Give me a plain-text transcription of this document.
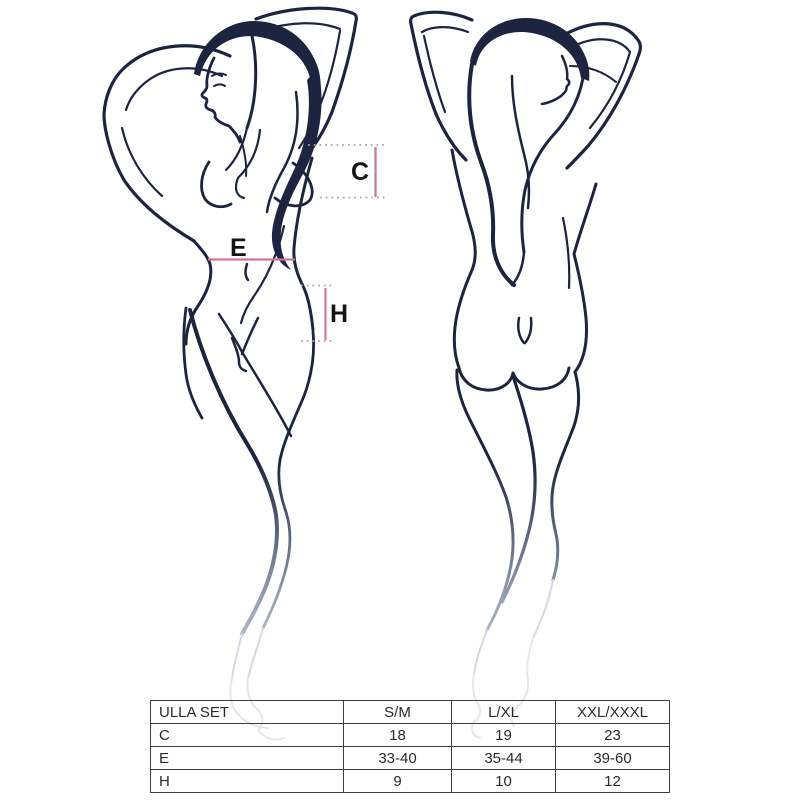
C
E
H
ULLA SET	S/M	L/XL	XXL/XXXL
C	18	19	23
E	33-40	35-44	39-60
H	9	10	12
